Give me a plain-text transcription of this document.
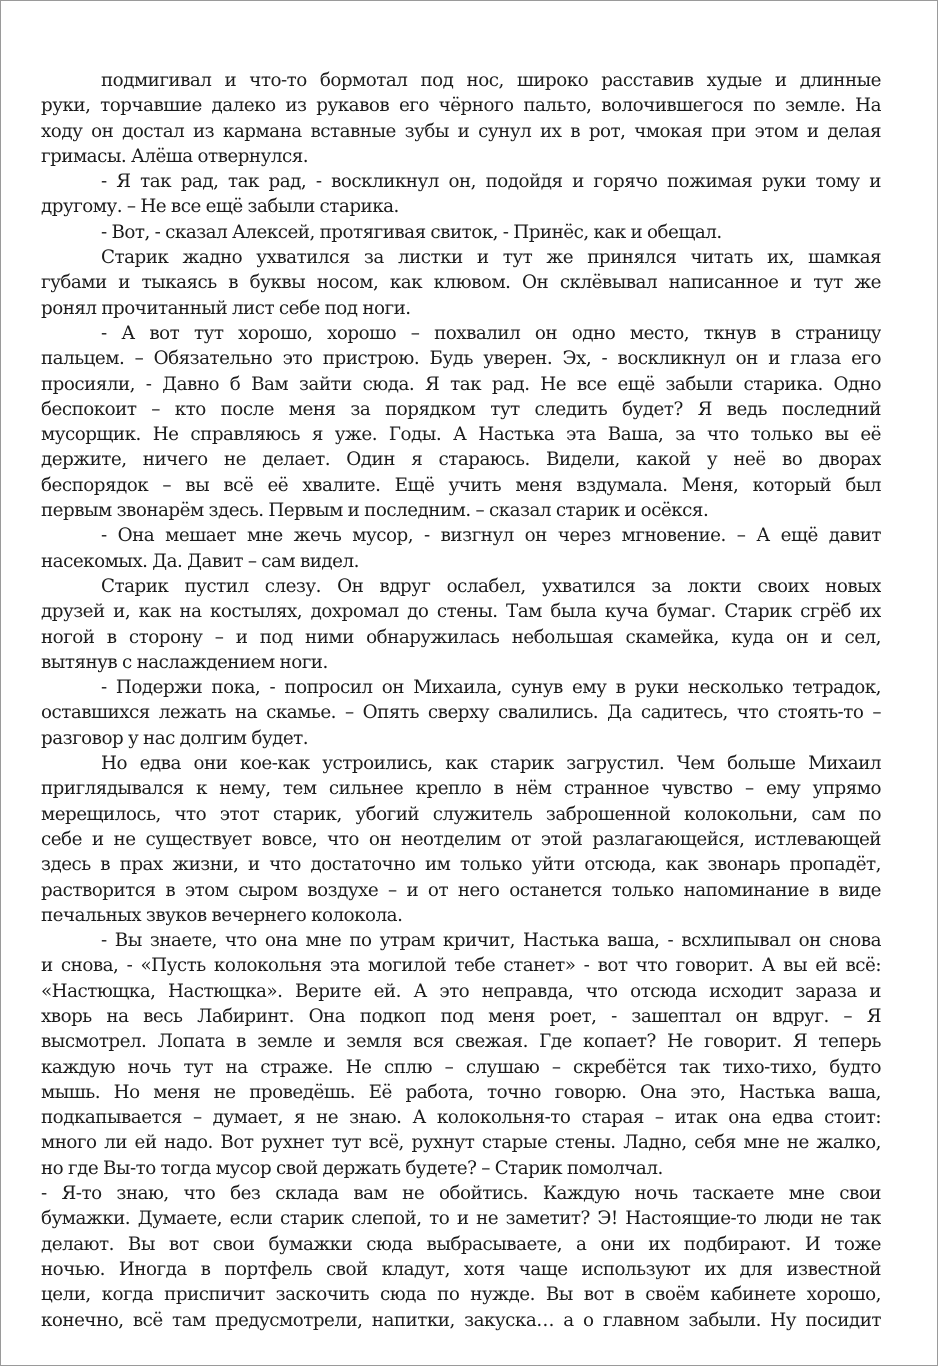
подмигивал и что-то бормотал под нос, широко расставив худые и длинные
руки, торчавшие далеко из рукавов его чёрного пальто, волочившегося по земле. На
ходу он достал из кармана вставные зубы и сунул их в рот, чмокая при этом и делая
гримасы. Алёша отвернулся.
- Я так рад, так рад, - воскликнул он, подойдя и горячо пожимая руки тому и
другому. – Не все ещё забыли старика.
- Вот, - сказал Алексей, протягивая свиток, - Принёс, как и обещал.
Старик жадно ухватился за листки и тут же принялся читать их, шамкая
губами и тыкаясь в буквы носом, как клювом. Он склёвывал написанное и тут же
ронял прочитанный лист себе под ноги.
- А вот тут хорошо, хорошо – похвалил он одно место, ткнув в страницу
пальцем. – Обязательно это пристрою. Будь уверен. Эх, - воскликнул он и глаза его
просияли, - Давно б Вам зайти сюда. Я так рад. Не все ещё забыли старика. Одно
беспокоит – кто после меня за порядком тут следить будет? Я ведь последний
мусорщик. Не справляюсь я уже. Годы. А Настька эта Ваша, за что только вы её
держите, ничего не делает. Один я стараюсь. Видели, какой у неё во дворах
беспорядок – вы всё её хвалите. Ещё учить меня вздумала. Меня, который был
первым звонарём здесь. Первым и последним. – сказал старик и осёкся.
- Она мешает мне жечь мусор, - визгнул он через мгновение. – А ещё давит
насекомых. Да. Давит – сам видел.
Старик пустил слезу. Он вдруг ослабел, ухватился за локти своих новых
друзей и, как на костылях, дохромал до стены. Там была куча бумаг. Старик сгрёб их
ногой в сторону – и под ними обнаружилась небольшая скамейка, куда он и сел,
вытянув с наслаждением ноги.
- Подержи пока, - попросил он Михаила, сунув ему в руки несколько тетрадок,
оставшихся лежать на скамье. – Опять сверху свалились. Да садитесь, что стоять-то –
разговор у нас долгим будет.
Но едва они кое-как устроились, как старик загрустил. Чем больше Михаил
приглядывался к нему, тем сильнее крепло в нём странное чувство – ему упрямо
мерещилось, что этот старик, убогий служитель заброшенной колокольни, сам по
себе и не существует вовсе, что он неотделим от этой разлагающейся, истлевающей
здесь в прах жизни, и что достаточно им только уйти отсюда, как звонарь пропадёт,
растворится в этом сыром воздухе – и от него останется только напоминание в виде
печальных звуков вечернего колокола.
- Вы знаете, что она мне по утрам кричит, Настька ваша, - всхлипывал он снова
и снова, - «Пусть колокольня эта могилой тебе станет» - вот что говорит. А вы ей всё:
«Настющка, Настющка». Верите ей. А это неправда, что отсюда исходит зараза и
хворь на весь Лабиринт. Она подкоп под меня роет, - зашептал он вдруг. – Я
высмотрел. Лопата в земле и земля вся свежая. Где копает? Не говорит. Я теперь
каждую ночь тут на страже. Не сплю – слушаю – скребётся так тихо-тихо, будто
мышь. Но меня не проведёшь. Её работа, точно говорю. Она это, Настька ваша,
подкапывается – думает, я не знаю. А колокольня-то старая – итак она едва стоит:
много ли ей надо. Вот рухнет тут всё, рухнут старые стены. Ладно, себя мне не жалко,
но где Вы-то тогда мусор свой держать будете? – Старик помолчал.
- Я-то знаю, что без склада вам не обойтись. Каждую ночь таскаете мне свои
бумажки. Думаете, если старик слепой, то и не заметит? Э! Настоящие-то люди не так
делают. Вы вот свои бумажки сюда выбрасываете, а они их подбирают. И тоже
ночью. Иногда в портфель свой кладут, хотя чаще используют их для известной
цели, когда приспичит заскочить сюда по нужде. Вы вот в своём кабинете хорошо,
конечно, всё там предусмотрели, напитки, закуска… а о главном забыли. Ну посидит
